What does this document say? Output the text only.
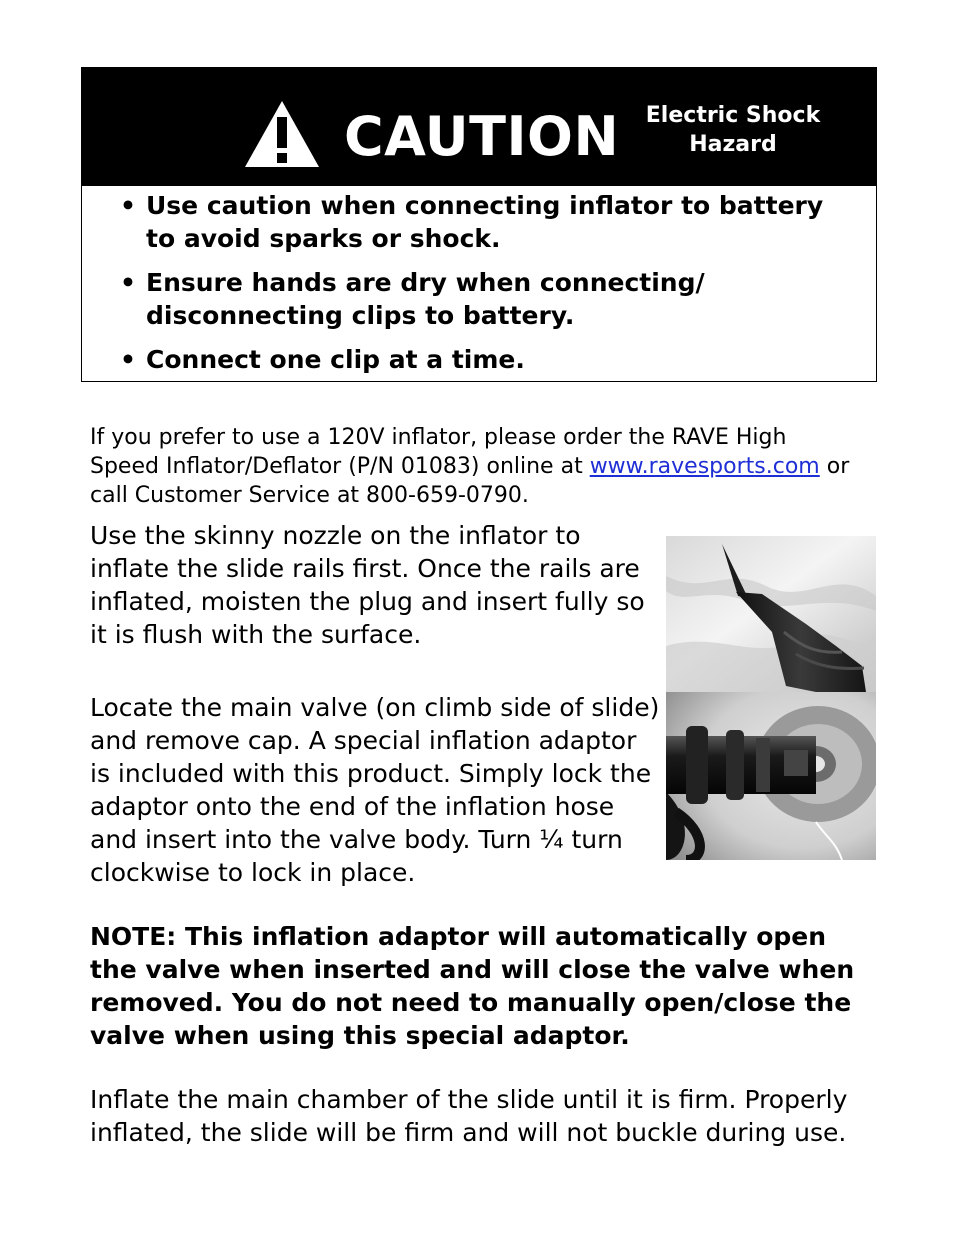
CAUTION Electric Shock
Hazard
• Use caution when connecting inflator to battery to avoid sparks or shock.
• Ensure hands are dry when connecting/ disconnecting clips to battery.
• Connect one clip at a time.

If you prefer to use a 120V inflator, please order the RAVE High Speed Inflator/Deflator (P/N 01083) online at www.ravesports.com or call Customer Service at 800-659-0790.

Use the skinny nozzle on the inflator to inflate the slide rails first. Once the rails are inflated, moisten the plug and insert fully so it is flush with the surface.

Locate the main valve (on climb side of slide) and remove cap. A special inflation adaptor is included with this product. Simply lock the adaptor onto the end of the inflation hose and insert into the valve body. Turn ¼ turn clockwise to lock in place.

NOTE: This inflation adaptor will automatically open the valve when inserted and will close the valve when removed. You do not need to manually open/close the valve when using this special adaptor.

Inflate the main chamber of the slide until it is firm. Properly inflated, the slide will be firm and will not buckle during use.
